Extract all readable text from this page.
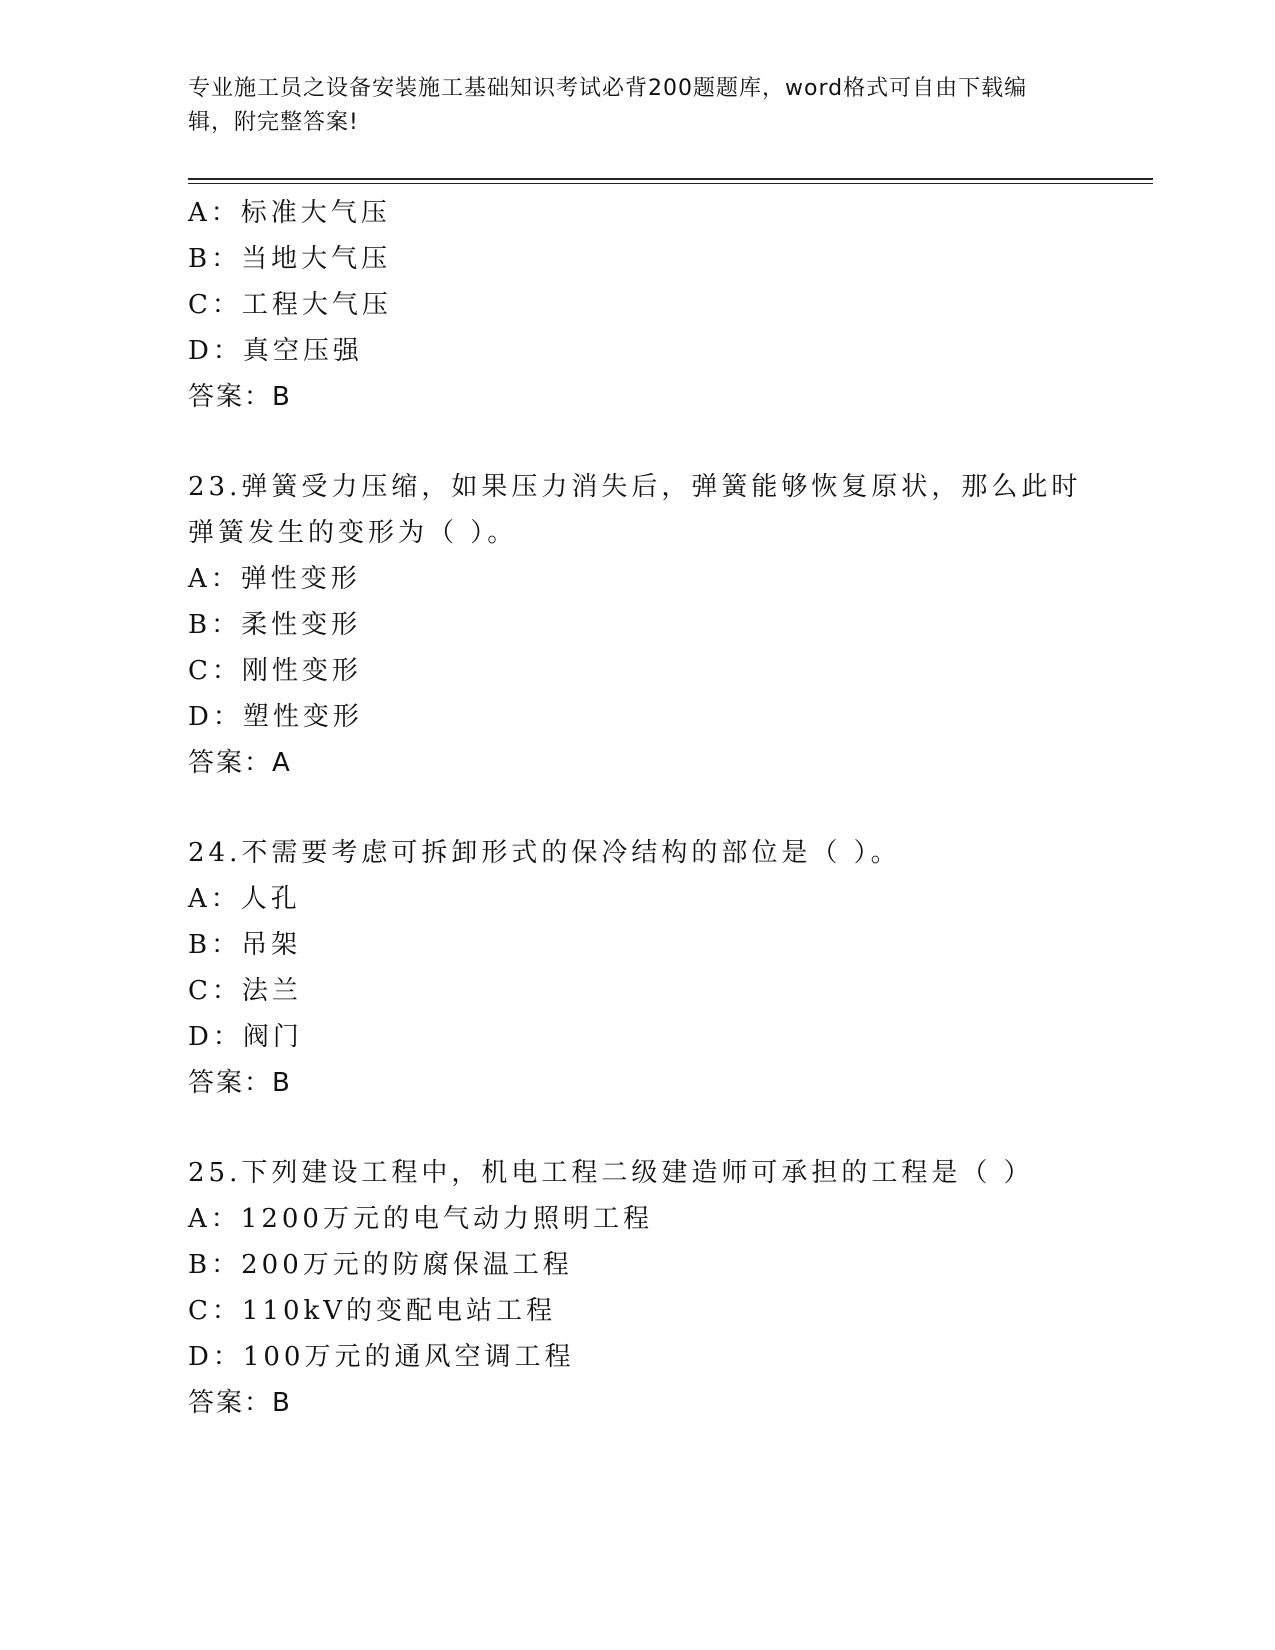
专业施工员之设备安装施工基础知识考试必背200题题库，word格式可自由下载编辑，附完整答案!
A：标准大气压
B：当地大气压
C：工程大气压
D：真空压强
答案：B
23.弹簧受力压缩，如果压力消失后，弹簧能够恢复原状，那么此时弹簧发生的变形为（ ）。
A：弹性变形
B：柔性变形
C：刚性变形
D：塑性变形
答案：A
24.不需要考虑可拆卸形式的保冷结构的部位是（ ）。
A：人孔
B：吊架
C：法兰
D：阀门
答案：B
25.下列建设工程中，机电工程二级建造师可承担的工程是（ ）
A：1200万元的电气动力照明工程
B：200万元的防腐保温工程
C：110kV的变配电站工程
D：100万元的通风空调工程
答案：B
